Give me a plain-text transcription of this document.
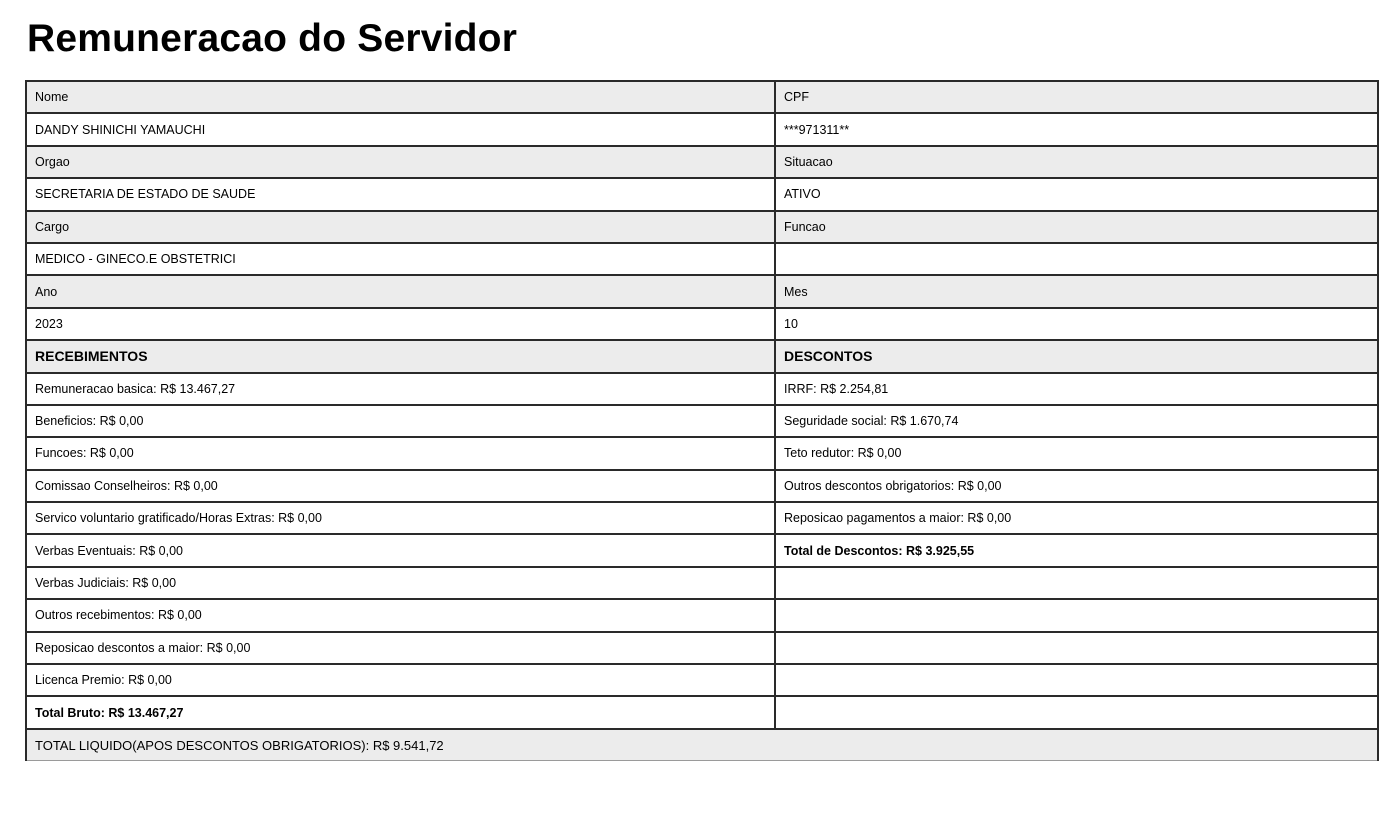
Remuneracao do Servidor
Nome	CPF
DANDY SHINICHI YAMAUCHI	***971311**
Orgao	Situacao
SECRETARIA DE ESTADO DE SAUDE	ATIVO
Cargo	Funcao
MEDICO - GINECO.E OBSTETRICI	
Ano	Mes
2023	10
RECEBIMENTOS	DESCONTOS
Remuneracao basica: R$ 13.467,27	IRRF: R$ 2.254,81
Beneficios: R$ 0,00	Seguridade social: R$ 1.670,74
Funcoes: R$ 0,00	Teto redutor: R$ 0,00
Comissao Conselheiros: R$ 0,00	Outros descontos obrigatorios: R$ 0,00
Servico voluntario gratificado/Horas Extras: R$ 0,00	Reposicao pagamentos a maior: R$ 0,00
Verbas Eventuais: R$ 0,00	Total de Descontos: R$ 3.925,55
Verbas Judiciais: R$ 0,00	
Outros recebimentos: R$ 0,00	
Reposicao descontos a maior: R$ 0,00	
Licenca Premio: R$ 0,00	
Total Bruto: R$ 13.467,27	
TOTAL LIQUIDO(APOS DESCONTOS OBRIGATORIOS): R$ 9.541,72	
